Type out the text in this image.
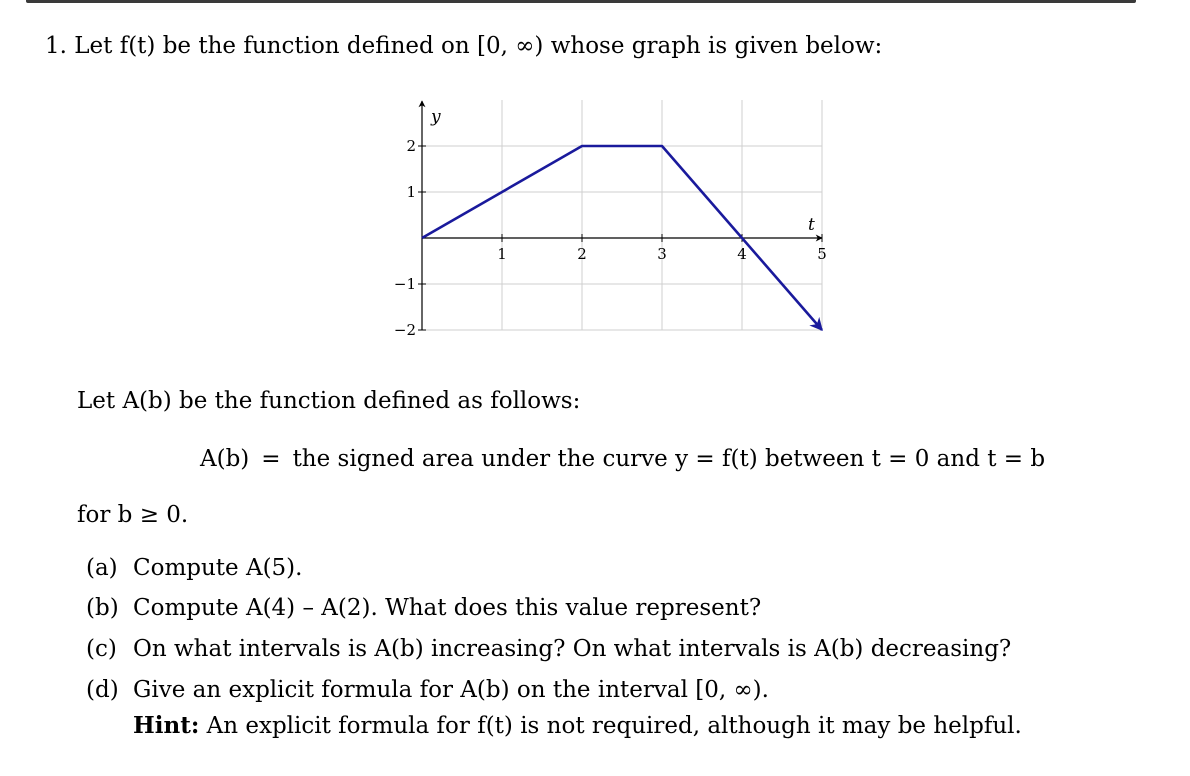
1. Let f(t) be the function defined on [0, ∞) whose graph is given below:
y
t
1	2	3	4	5
2
1
−1
−2
Let A(b) be the function defined as follows:
A(b) = the signed area under the curve y = f(t) between t = 0 and t = b
for b ≥ 0.
(a) Compute A(5).
(b) Compute A(4) – A(2). What does this value represent?
(c) On what intervals is A(b) increasing? On what intervals is A(b) decreasing?
(d) Give an explicit formula for A(b) on the interval [0, ∞).
Hint: An explicit formula for f(t) is not required, although it may be helpful.
